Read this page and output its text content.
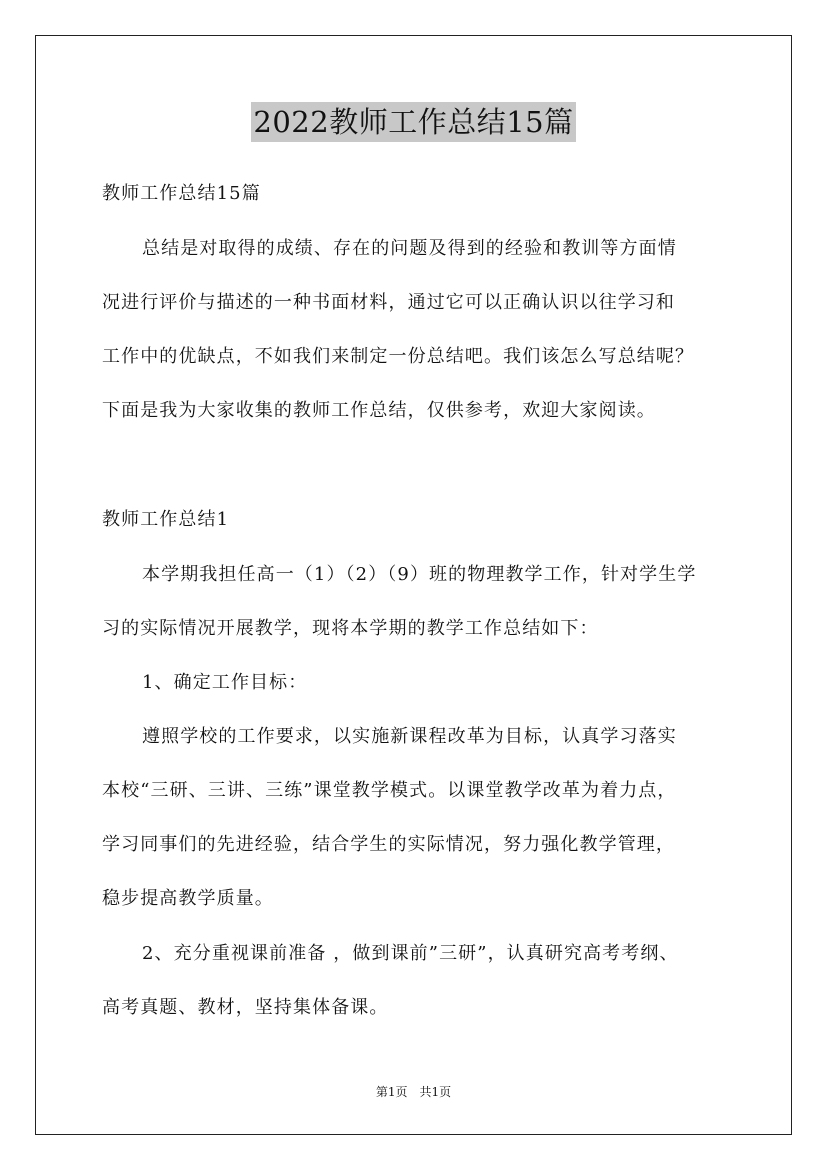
2022教师工作总结15篇
教师工作总结15篇
总结是对取得的成绩、存在的问题及得到的经验和教训等方面情
况进行评价与描述的一种书面材料，通过它可以正确认识以往学习和
工作中的优缺点，不如我们来制定一份总结吧。我们该怎么写总结呢？
下面是我为大家收集的教师工作总结，仅供参考，欢迎大家阅读。
教师工作总结1
本学期我担任高一（1）（2）（9）班的物理教学工作，针对学生学
习的实际情况开展教学，现将本学期的教学工作总结如下：
1、确定工作目标：
遵照学校的工作要求，以实施新课程改革为目标，认真学习落实
本校“三研、三讲、三练”课堂教学模式。以课堂教学改革为着力点，
学习同事们的先进经验，结合学生的实际情况，努力强化教学管理，
稳步提高教学质量。
2、充分重视课前准备 ，做到课前”三研”，认真研究高考考纲、
高考真题、教材，坚持集体备课。
第1页　共1页
